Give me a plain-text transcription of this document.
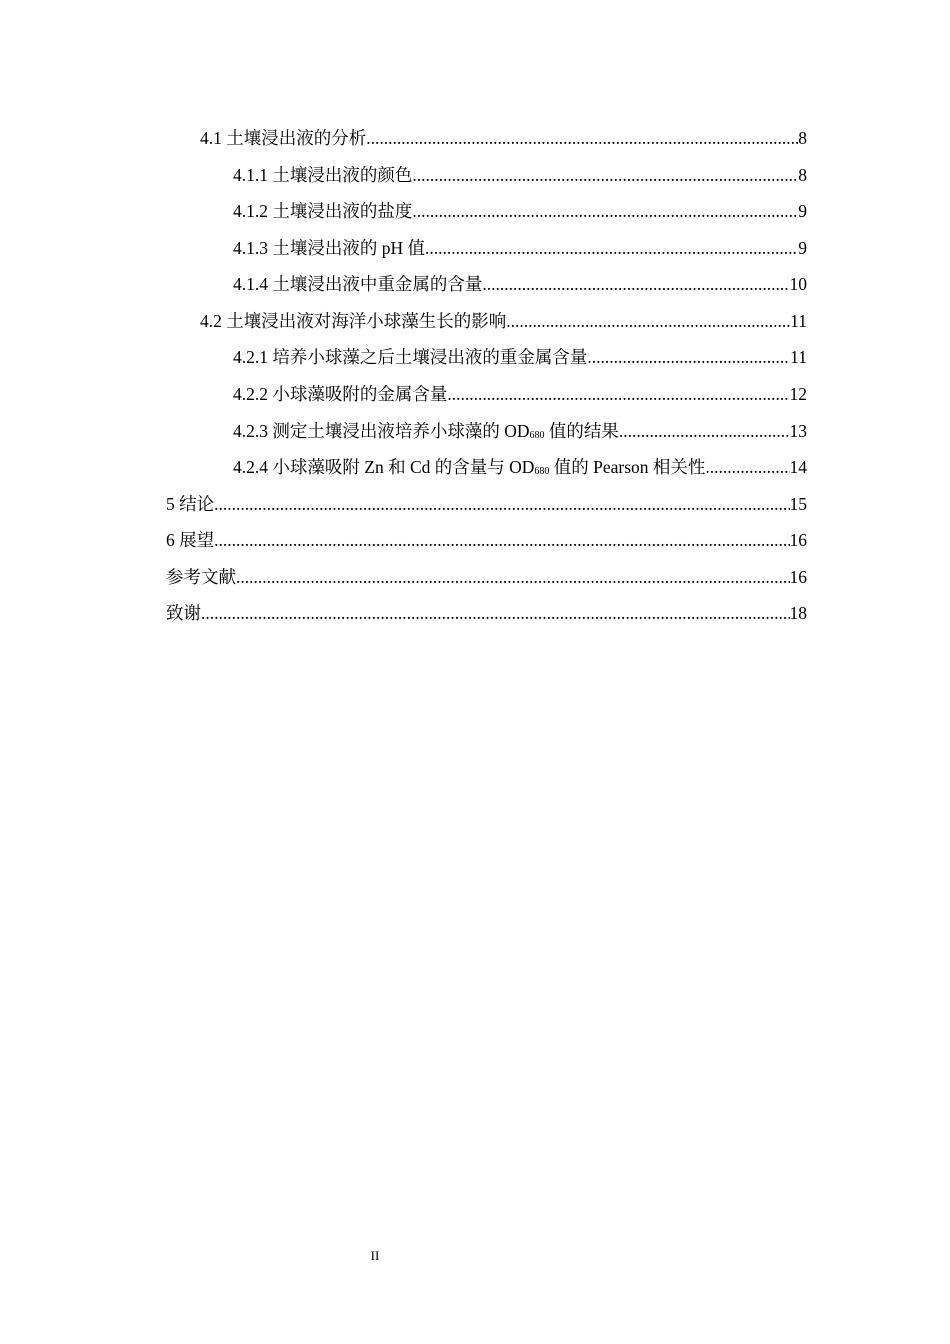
4.1 土壤浸出液的分析 .....	8
4.1.1 土壤浸出液的颜色 .....	8
4.1.2 土壤浸出液的盐度 .....	9
4.1.3 土壤浸出液的 pH 值 .....	9
4.1.4 土壤浸出液中重金属的含量 .....	10
4.2 土壤浸出液对海洋小球藻生长的影响 .....	11
4.2.1 培养小球藻之后土壤浸出液的重金属含量 .....	11
4.2.2 小球藻吸附的金属含量 .....	12
4.2.3 测定土壤浸出液培养小球藻的 $OD_{680}$ 值的结果 .....	13
4.2.4 小球藻吸附 Zn 和 Cd 的含量与 $OD_{680}$ 值的 Pearson 相关性 .....	14
5 结论 .....	15
6 展望 .....	16
参考文献 .....	16
致谢 .....	18
II
